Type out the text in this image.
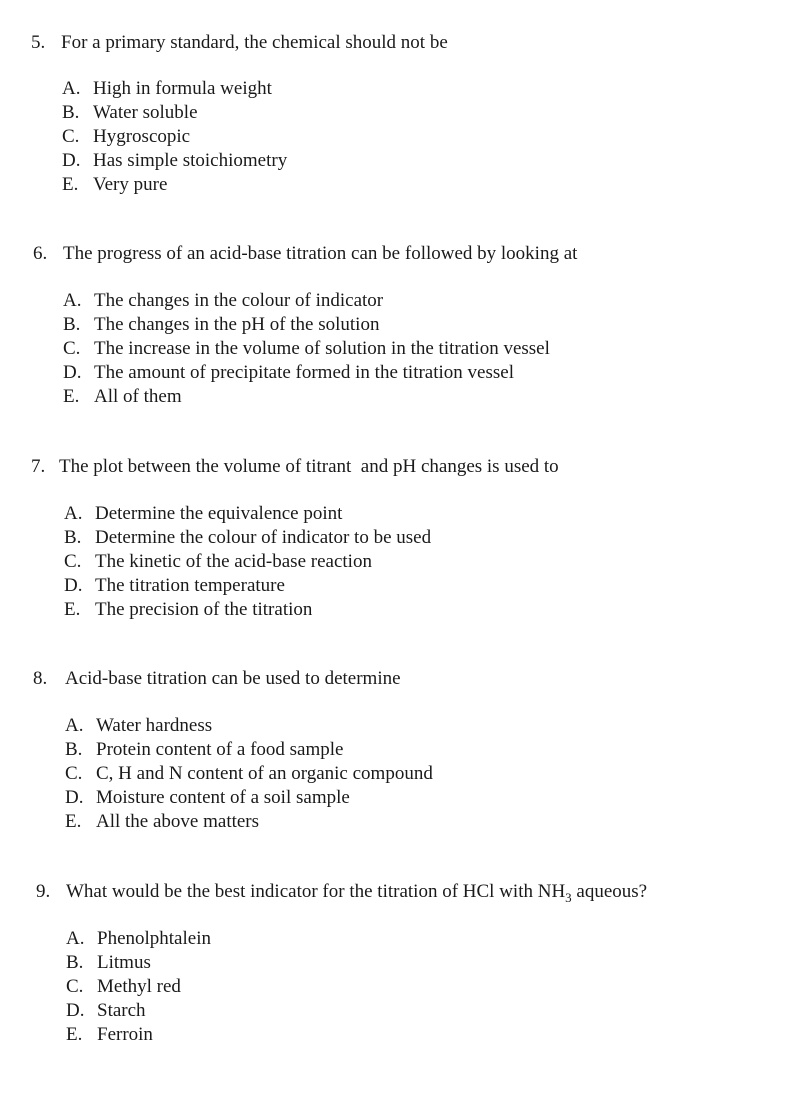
5. For a primary standard, the chemical should not be
A. High in formula weight
B. Water soluble
C. Hygroscopic
D. Has simple stoichiometry
E. Very pure
6. The progress of an acid-base titration can be followed by looking at
A. The changes in the colour of indicator
B. The changes in the pH of the solution
C. The increase in the volume of solution in the titration vessel
D. The amount of precipitate formed in the titration vessel
E. All of them
7. The plot between the volume of titrant  and pH changes is used to
A. Determine the equivalence point
B. Determine the colour of indicator to be used
C. The kinetic of the acid-base reaction
D. The titration temperature
E. The precision of the titration
8. Acid-base titration can be used to determine
A. Water hardness
B. Protein content of a food sample
C. C, H and N content of an organic compound
D. Moisture content of a soil sample
E. All the above matters
9. What would be the best indicator for the titration of HCl with $NH_3$ aqueous?
A. Phenolphtalein
B. Litmus
C. Methyl red
D. Starch
E. Ferroin
